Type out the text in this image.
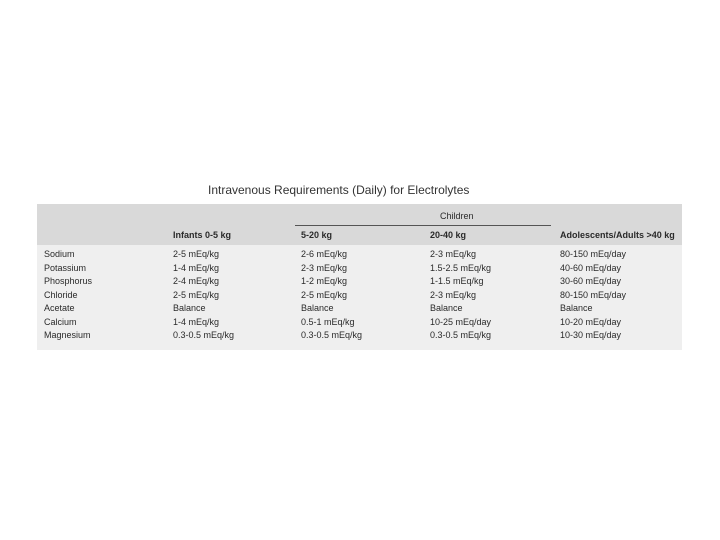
Intravenous Requirements (Daily) for Electrolytes
Children
Infants 0-5 kg	5-20 kg	20-40 kg	Adolescents/Adults >40 kg
Sodium	2-5 mEq/kg	2-6 mEq/kg	2-3 mEq/kg	80-150 mEq/day
Potassium	1-4 mEq/kg	2-3 mEq/kg	1.5-2.5 mEq/kg	40-60 mEq/day
Phosphorus	2-4 mEq/kg	1-2 mEq/kg	1-1.5 mEq/kg	30-60 mEq/day
Chloride	2-5 mEq/kg	2-5 mEq/kg	2-3 mEq/kg	80-150 mEq/day
Acetate	Balance	Balance	Balance	Balance
Calcium	1-4 mEq/kg	0.5-1 mEq/kg	10-25 mEq/day	10-20 mEq/day
Magnesium	0.3-0.5 mEq/kg	0.3-0.5 mEq/kg	0.3-0.5 mEq/kg	10-30 mEq/day
